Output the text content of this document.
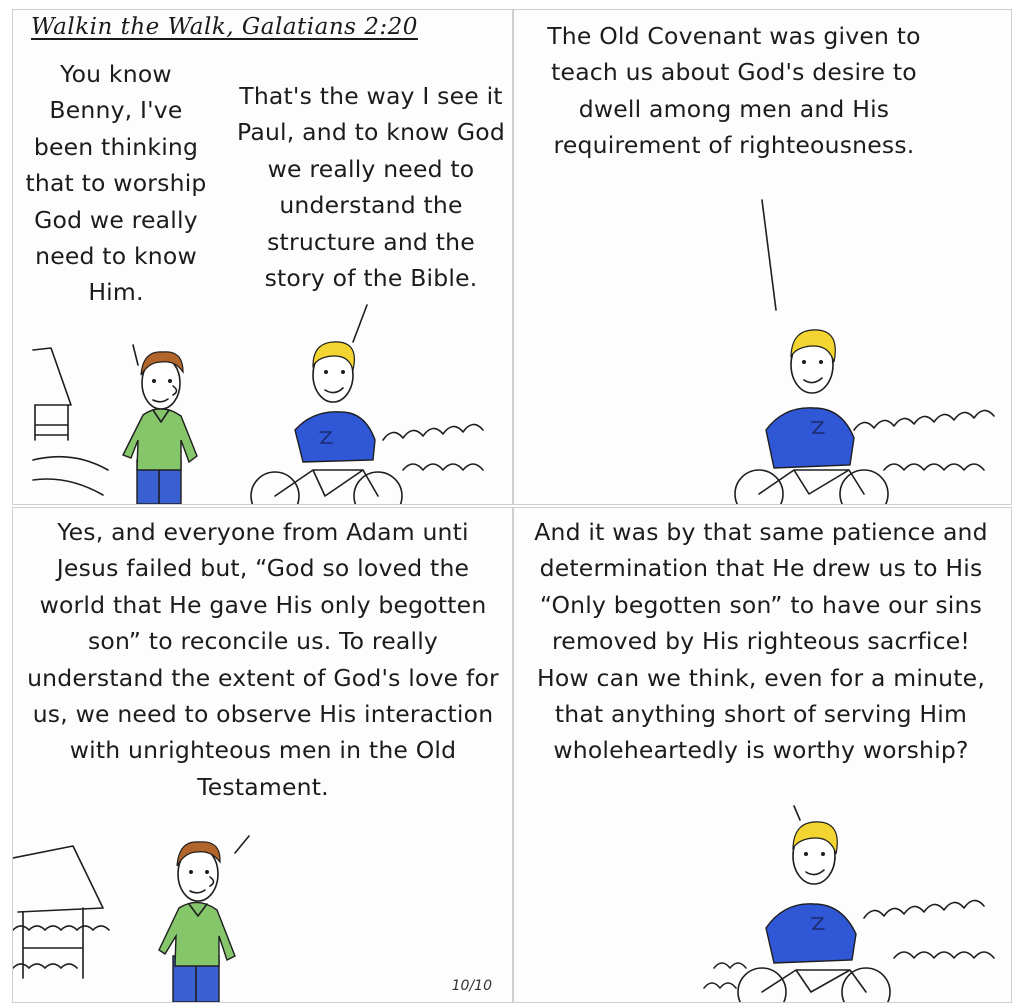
Walkin the Walk, Galatians 2:20

You know Benny, I've been thinking that to worship God we really need to know Him.

That's the way I see it Paul, and to know God we really need to understand the structure and the story of the Bible.

The Old Covenant was given to teach us about God's desire to dwell among men and His requirement of righteousness.

Yes, and everyone from Adam unti Jesus failed but, “God so loved the world that He gave His only begotten son” to reconcile us. To really understand the extent of God's love for us, we need to observe His interaction with unrighteous men in the Old Testament.

10/10

And it was by that same patience and determination that He drew us to His “Only begotten son” to have our sins removed by His righteous sacrfice! How can we think, even for a minute, that anything short of serving Him wholeheartedly is worthy worship?
